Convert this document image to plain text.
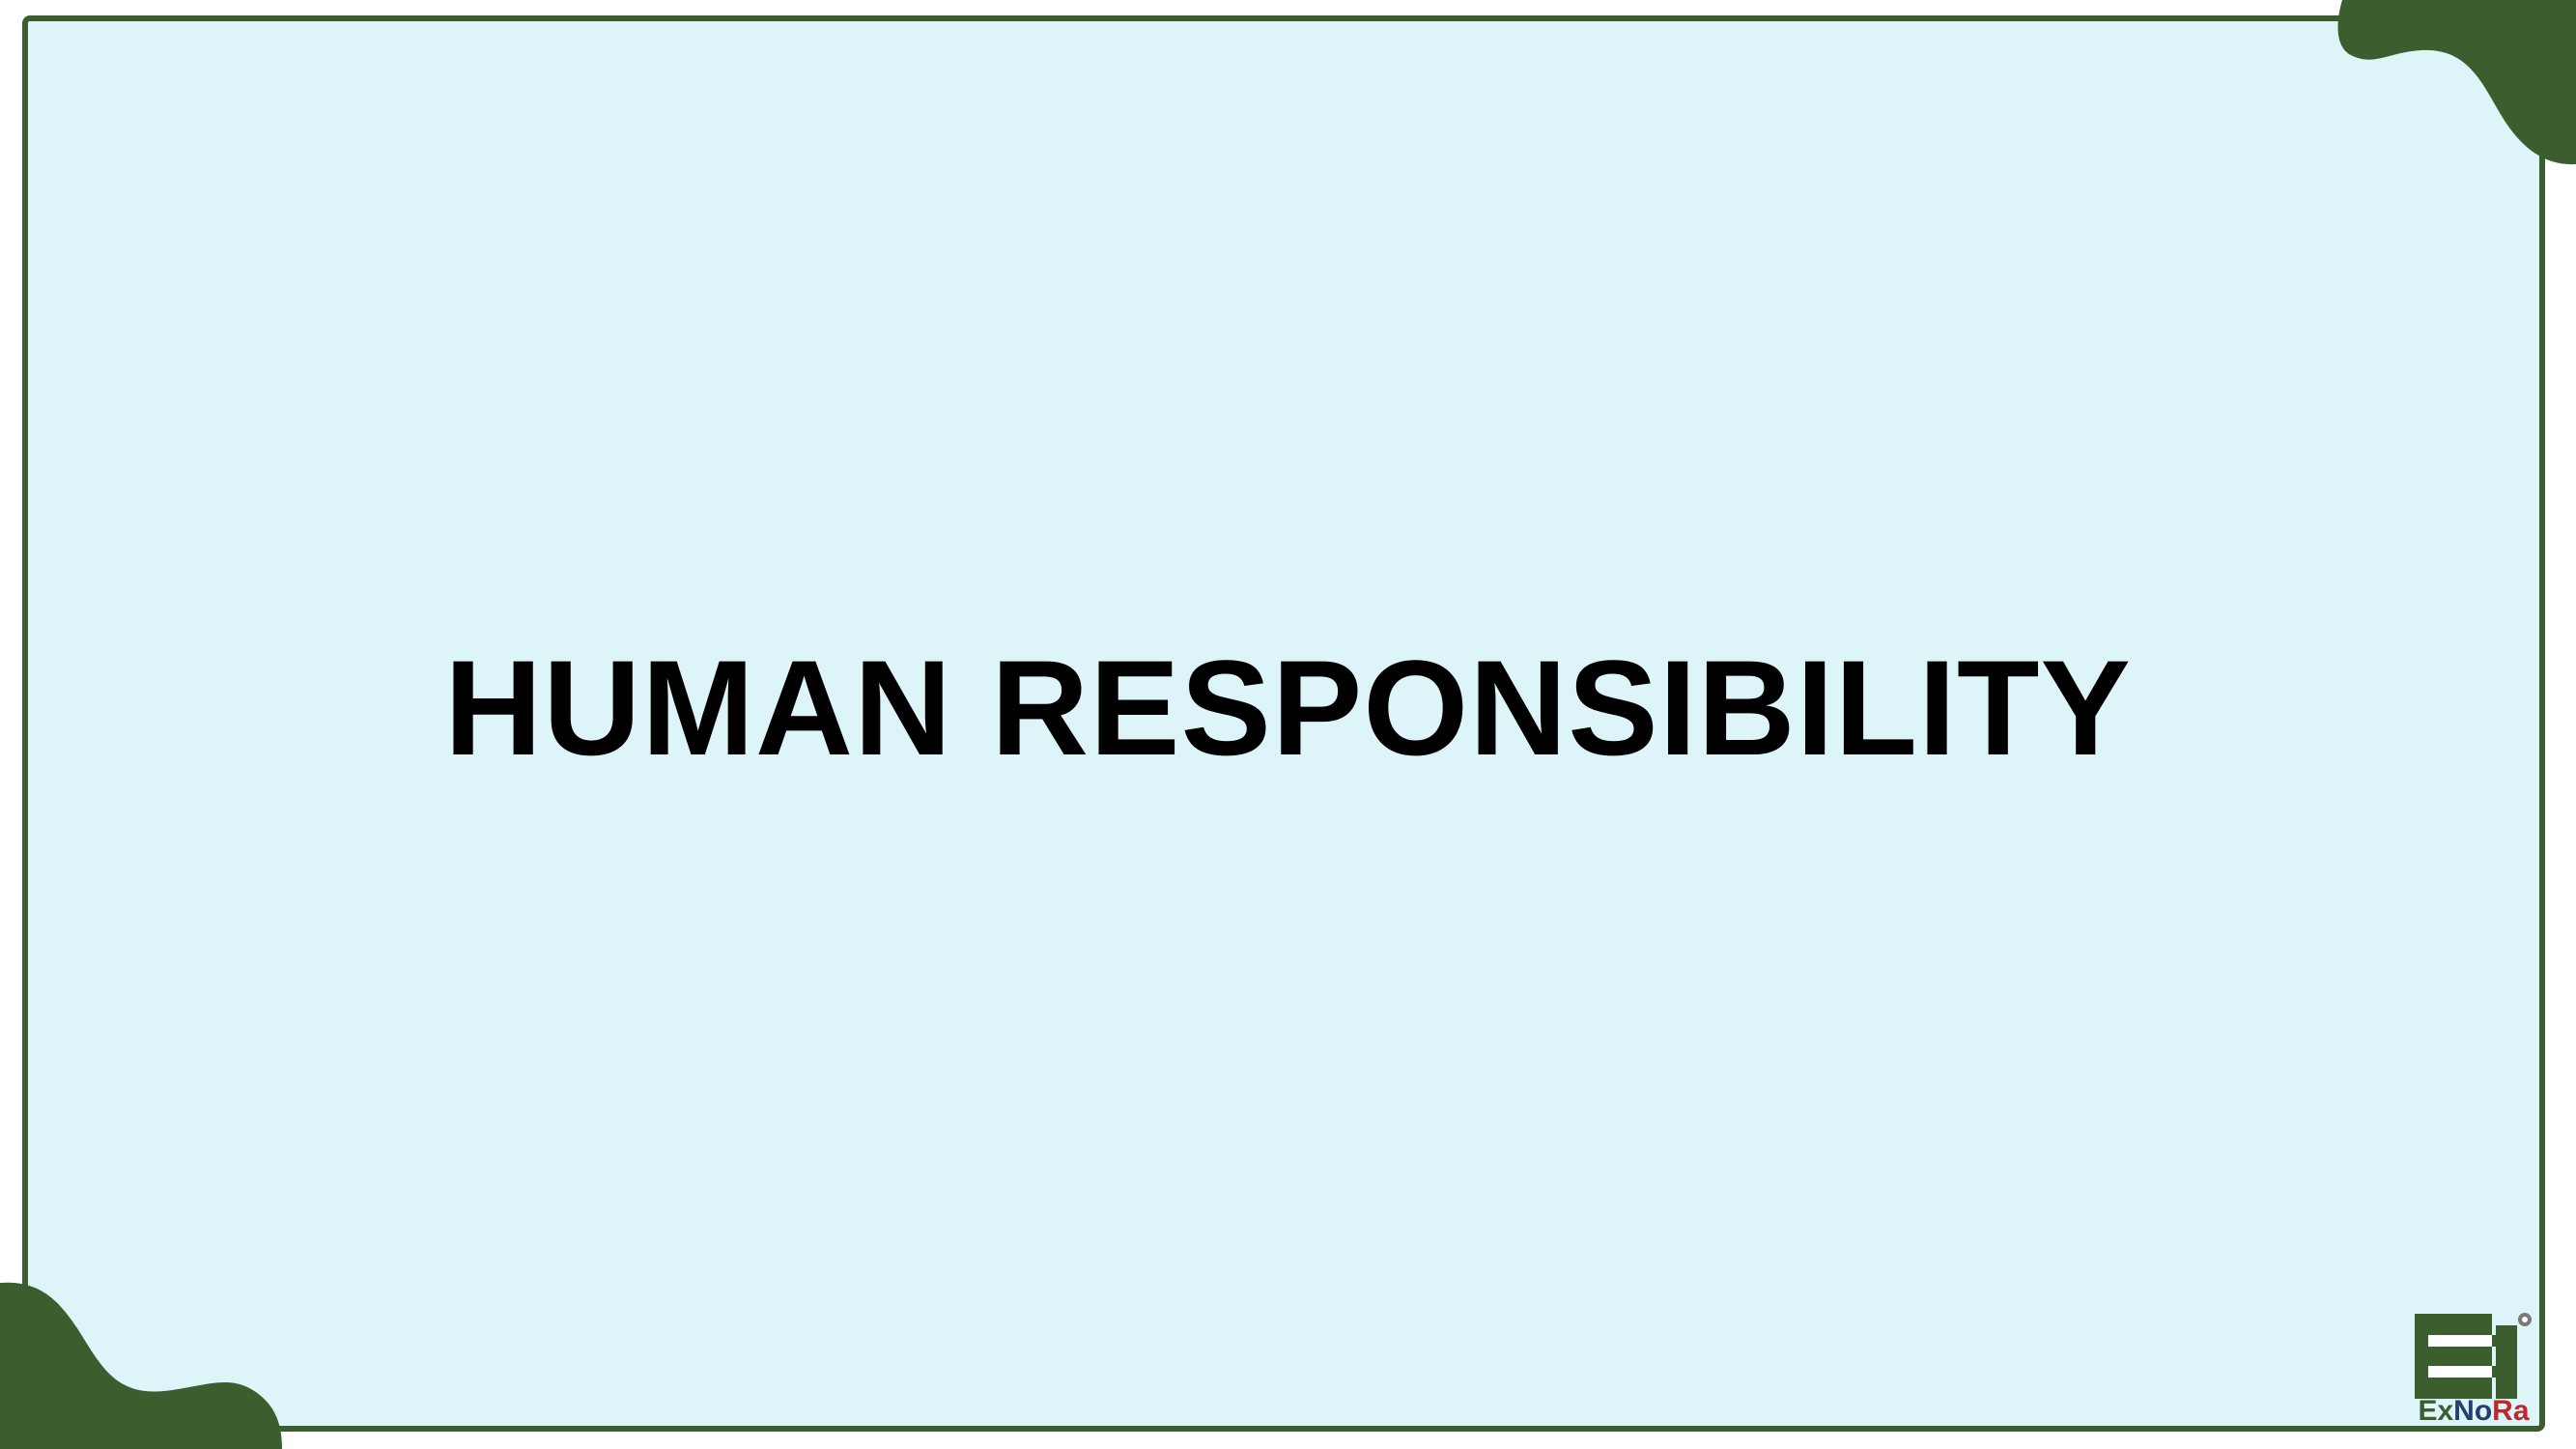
HUMAN RESPONSIBILITY
ExNoRa
